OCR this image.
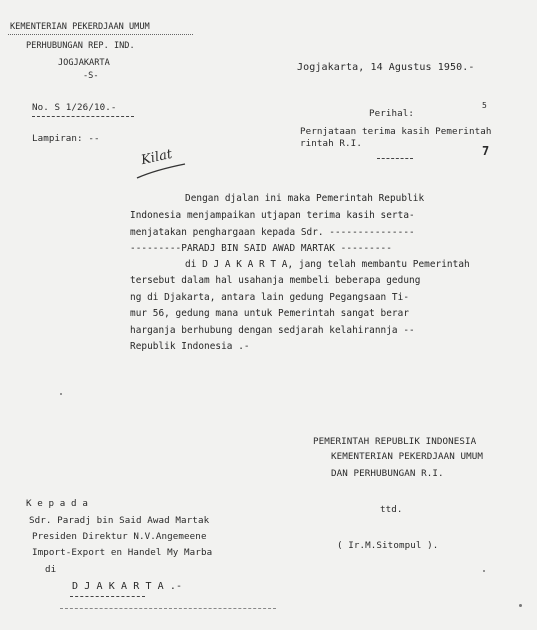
KEMENTERIAN PEKERDJAAN UMUM
PERHUBUNGAN REP. IND.
JOGJAKARTA
-S-
No. S 1/26/10.-
Lampiran: --
Kilat
Jogjakarta, 14 Agustus 1950.-
Perihal:
Pernjataan terima kasih Pemerintah
rintah R.I.
5
7
Dengan djalan ini maka Pemerintah Republik
Indonesia menjampaikan utjapan terima kasih serta-
menjatakan penghargaan kepada Sdr. ---------------
---------PARADJ BIN SAID AWAD MARTAK ---------
di D J A K A R T A, jang telah membantu Pemerintah
tersebut dalam hal usahanja membeli beberapa gedung
ng di Djakarta, antara lain gedung Pegangsaan Ti-
mur 56, gedung mana untuk Pemerintah sangat berar
harganja berhubung dengan sedjarah kelahirannja --
Republik Indonesia .-
PEMERINTAH REPUBLIK INDONESIA
KEMENTERIAN PEKERDJAAN UMUM
DAN PERHUBUNGAN R.I.
ttd.
( Ir.M.Sitompul ).
K e p a d a
Sdr. Paradj bin Said Awad Martak
Presiden Direktur N.V.Angemeene
Import-Export en Handel My Marba
di
D J A K A R T A .-
